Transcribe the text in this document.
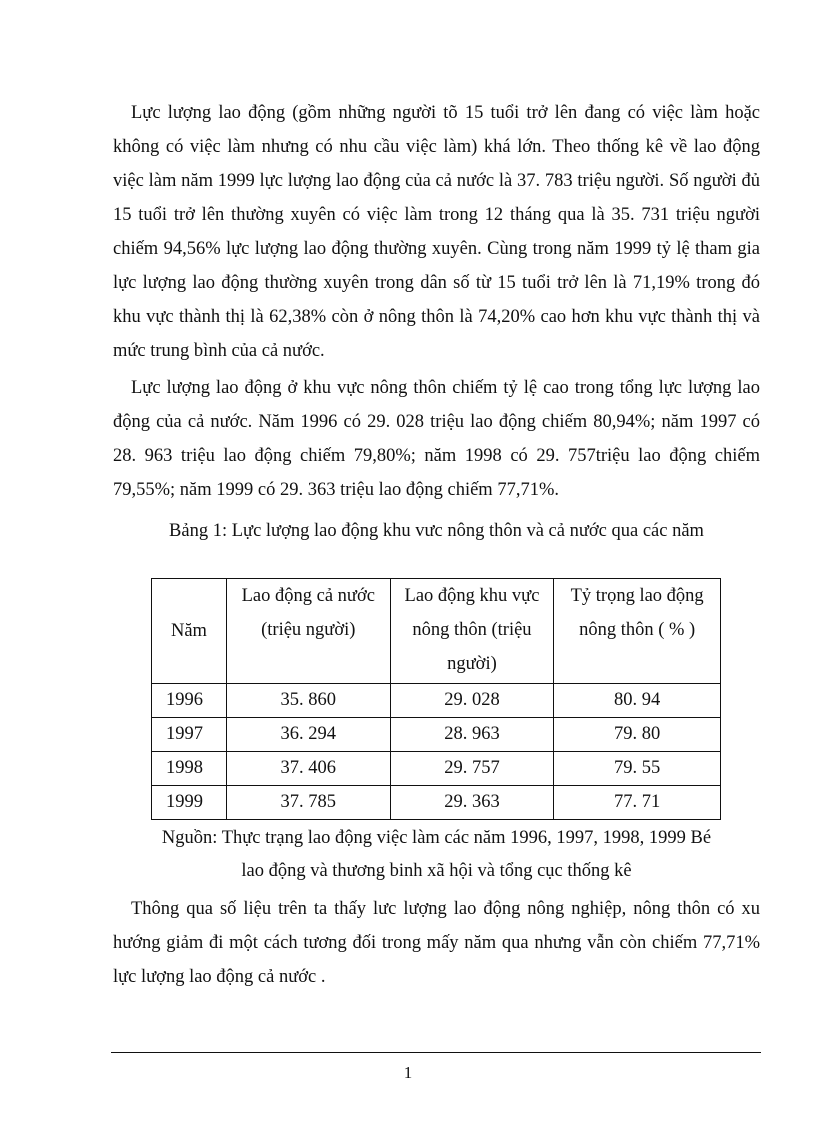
Lực lượng lao động (gồm những người tõ 15 tuổi trở lên đang có việc làm hoặc không có việc làm nhưng có nhu cầu việc làm) khá lớn. Theo thống kê về lao động việc làm năm 1999 lực lượng lao động của cả nước là 37. 783 triệu người. Số người đủ 15 tuổi trở lên thường xuyên có việc làm trong 12 tháng qua là 35. 731 triệu người chiếm 94,56% lực lượng lao động thường xuyên. Cùng trong năm 1999 tỷ lệ tham gia lực lượng lao động thường xuyên trong dân số từ 15 tuổi trở lên là 71,19% trong đó khu vực thành thị là 62,38% còn ở nông thôn là 74,20% cao hơn khu vực thành thị và mức trung bình của cả nước.

Lực lượng lao động ở khu vực nông thôn chiếm tỷ lệ cao trong tổng lực lượng lao động của cả nước. Năm 1996 có 29. 028 triệu lao động chiếm 80,94%; năm 1997 có 28. 963 triệu lao động chiếm 79,80%; năm 1998 có 29. 757triệu lao động chiếm 79,55%; năm 1999 có 29. 363 triệu lao động chiếm 77,71%.

Bảng 1: Lực lượng lao động khu vưc nông thôn và cả nước qua các năm

Năm	Lao động cả nước (triệu người)	Lao động khu vực nông thôn (triệu người)	Tỷ trọng lao động nông thôn ( % )
1996	35. 860	29. 028	80. 94
1997	36. 294	28. 963	79. 80
1998	37. 406	29. 757	79. 55
1999	37. 785	29. 363	77. 71

Nguồn: Thực trạng lao động việc làm các năm 1996, 1997, 1998, 1999 Bé
lao động và thương binh xã hội và tổng cục thống kê

Thông qua số liệu trên ta thấy lưc lượng lao động nông nghiệp, nông thôn có xu hướng giảm đi một cách tương đối trong mấy năm qua nhưng vẫn còn chiếm 77,71% lực lượng lao động cả nước .

1
